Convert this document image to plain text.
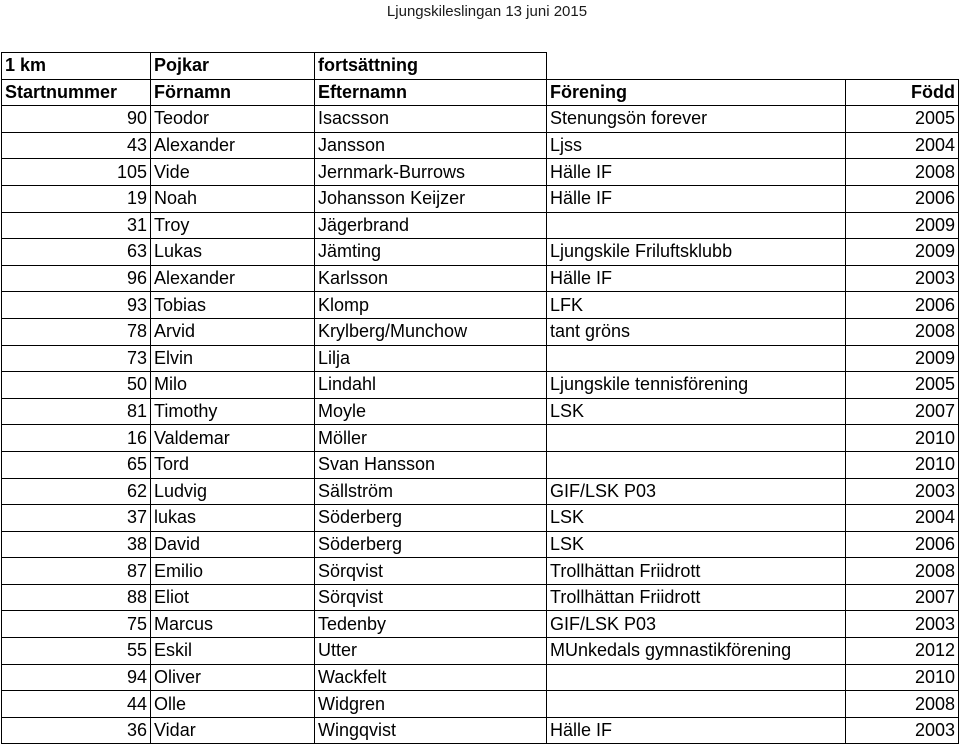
Ljungskileslingan 13 juni 2015
1 km	Pojkar	fortsättning		
Startnummer	Förnamn	Efternamn	Förening	Född
90	Teodor	Isacsson	Stenungsön forever	2005
43	Alexander	Jansson	Ljss	2004
105	Vide	Jernmark-Burrows	Hälle IF	2008
19	Noah	Johansson Keijzer	Hälle IF	2006
31	Troy	Jägerbrand		2009
63	Lukas	Jämting	Ljungskile Friluftsklubb	2009
96	Alexander	Karlsson	Hälle IF	2003
93	Tobias	Klomp	LFK	2006
78	Arvid	Krylberg/Munchow	tant gröns	2008
73	Elvin	Lilja		2009
50	Milo	Lindahl	Ljungskile tennisförening	2005
81	Timothy	Moyle	LSK	2007
16	Valdemar	Möller		2010
65	Tord	Svan Hansson		2010
62	Ludvig	Sällström	GIF/LSK P03	2003
37	lukas	Söderberg	LSK	2004
38	David	Söderberg	LSK	2006
87	Emilio	Sörqvist	Trollhättan Friidrott	2008
88	Eliot	Sörqvist	Trollhättan Friidrott	2007
75	Marcus	Tedenby	GIF/LSK P03	2003
55	Eskil	Utter	MUnkedals gymnastikförening	2012
94	Oliver	Wackfelt		2010
44	Olle	Widgren		2008
36	Vidar	Wingqvist	Hälle IF	2003
